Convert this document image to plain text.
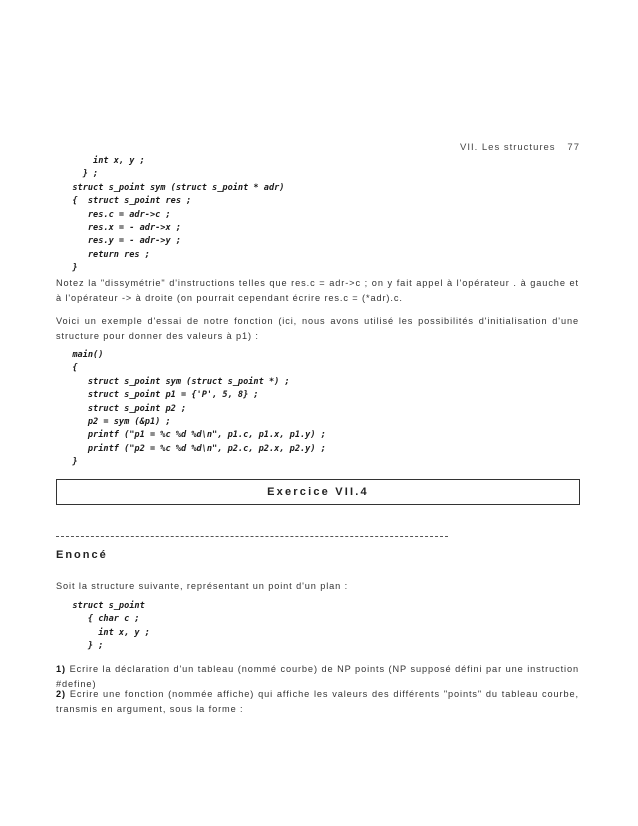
VII. Les structures 77
int x, y ;
} ;
struct s_point sym (struct s_point * adr)
{  struct s_point res ;
res.c = adr->c ;
res.x = - adr->x ;
res.y = - adr->y ;
return res ;
}

Notez la "dissymétrie" d'instructions telles que res.c = adr->c ; on y fait appel à l'opérateur . à gauche et à l'opérateur -> à droite (on pourrait cependant écrire res.c = (*adr).c.

Voici un exemple d'essai de notre fonction (ici, nous avons utilisé les possibilités d'initialisation d'une structure pour donner des valeurs à p1) :

main()
{
struct s_point sym (struct s_point *) ;
struct s_point p1 = {'P', 5, 8} ;
struct s_point p2 ;
p2 = sym (&p1) ;
printf ("p1 = %c %d %d\n", p1.c, p1.x, p1.y) ;
printf ("p2 = %c %d %d\n", p2.c, p2.x, p2.y) ;
}
Exercice VII.4

Enoncé

Soit la structure suivante, représentant un point d'un plan :

struct s_point
{ char c ;
int x, y ;
} ;

1) Ecrire la déclaration d'un tableau (nommé courbe) de NP points (NP supposé défini par une instruction #define)

2) Ecrire une fonction (nommée affiche) qui affiche les valeurs des différents "points" du tableau courbe, transmis en argument, sous la forme :
